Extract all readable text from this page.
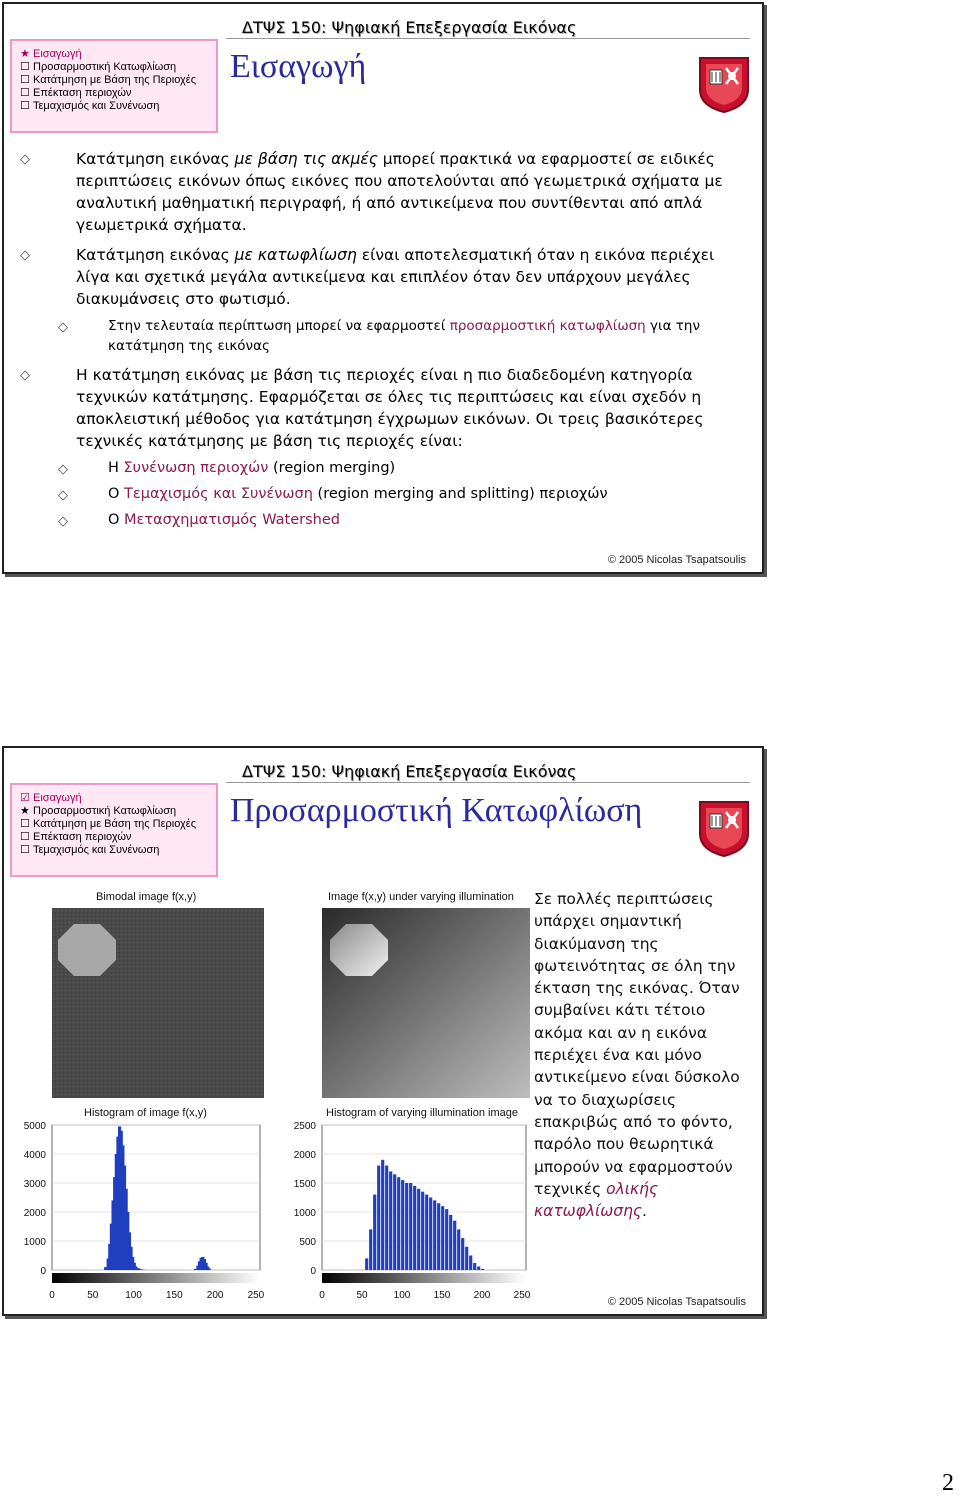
ΔΤΨΣ 150: Ψηφιακή Επεξεργασία Εικόνας
★ Εισαγωγή
☐ Προσαρμοστική Κατωφλίωση
☐ Κατάτμηση με Βάση της Περιοχές
☐ Επέκταση περιοχών
☐ Τεμαχισμός και Συνένωση
Εισαγωγή
◇	Κατάτμηση εικόνας με βάση τις ακμές μπορεί πρακτικά να εφαρμοστεί σε ειδικές περιπτώσεις εικόνων όπως εικόνες που αποτελούνται από γεωμετρικά σχήματα με αναλυτική μαθηματική περιγραφή, ή από αντικείμενα που συντίθενται από απλά γεωμετρικά σχήματα.

◇	Κατάτμηση εικόνας με κατωφλίωση είναι αποτελεσματική όταν η εικόνα περιέχει λίγα και σχετικά μεγάλα αντικείμενα και επιπλέον όταν δεν υπάρχουν μεγάλες διακυμάνσεις στο φωτισμό.

◇	Στην τελευταία περίπτωση μπορεί να εφαρμοστεί προσαρμοστική κατωφλίωση για την κατάτμηση της εικόνας

◇	Η κατάτμηση εικόνας με βάση τις περιοχές είναι η πιο διαδεδομένη κατηγορία τεχνικών κατάτμησης. Εφαρμόζεται σε όλες τις περιπτώσεις και είναι σχεδόν η αποκλειστική μέθοδος για κατάτμηση έγχρωμων εικόνων. Οι τρεις βασικότερες τεχνικές κατάτμησης με βάση τις περιοχές είναι:

◇	Η Συνένωση περιοχών (region merging)

◇	Ο Τεμαχισμός και Συνένωση (region merging and splitting) περιοχών

◇	Ο Μετασχηματισμός Watershed

© 2005 Nicolas Tsapatsoulis
ΔΤΨΣ 150: Ψηφιακή Επεξεργασία Εικόνας
☑ Εισαγωγή
★ Προσαρμοστική Κατωφλίωση
☐ Κατάτμηση με Βάση της Περιοχές
☐ Επέκταση περιοχών
☐ Τεμαχισμός και Συνένωση
Προσαρμοστική Κατωφλίωση
Bimodal image f(x,y)	Image f(x,y) under varying illumination
Histogram of image f(x,y)
0
1000
2000
3000
4000
5000
0	50	100 150 200 250
Histogram of varying illumination image
0
500
1000
1500
2000
2500
0	50	100 150 200 250
Σε πολλές περιπτώσεις υπάρχει σημαντική διακύμανση της φωτεινότητας σε όλη την έκταση της εικόνας. Όταν συμβαίνει κάτι τέτοιο ακόμα και αν η εικόνα περιέχει ένα και μόνο αντικείμενο είναι δύσκολο να το διαχωρίσεις επακριβώς από το φόντο, παρόλο που θεωρητικά μπορούν να εφαρμοστούν τεχνικές ολικής κατωφλίωσης.
© 2005 Nicolas Tsapatsoulis
2
